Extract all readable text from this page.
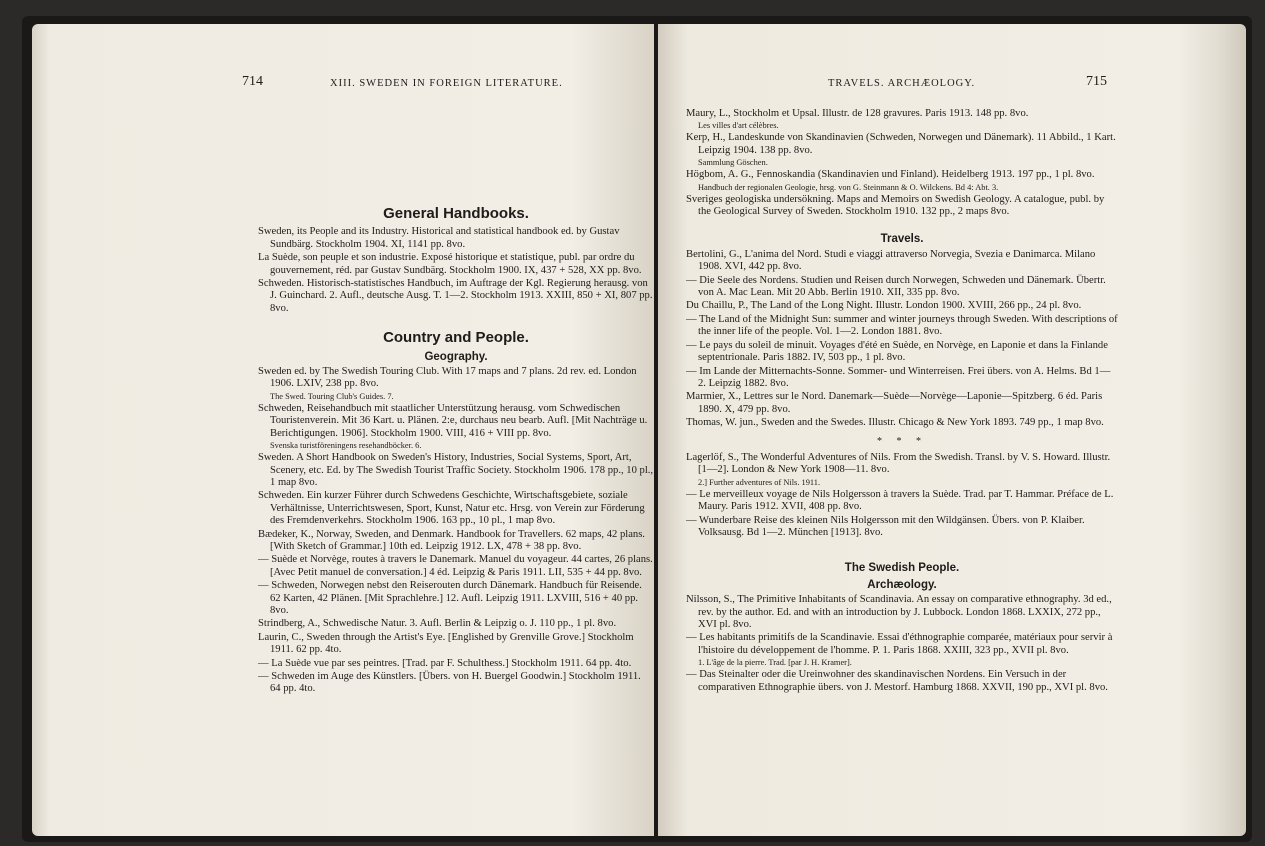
714	XIII. SWEDEN IN FOREIGN LITERATURE.
General Handbooks.
Sweden, its People and its Industry. Historical and statistical handbook ed. by Gustav Sundbärg. Stockholm 1904. XI, 1141 pp. 8vo.
La Suède, son peuple et son industrie. Exposé historique et statistique, publ. par ordre du gouvernement, réd. par Gustav Sundbärg. Stockholm 1900. IX, 437 + 528, XX pp. 8vo.
Schweden. Historisch-statistisches Handbuch, im Auftrage der Kgl. Regierung herausg. von J. Guinchard. 2. Aufl., deutsche Ausg. T. 1—2. Stockholm 1913. XXIII, 850 + XI, 807 pp. 8vo.
Country and People.
Geography.
Sweden ed. by The Swedish Touring Club. With 17 maps and 7 plans. 2d rev. ed. London 1906. LXIV, 238 pp. 8vo.
The Swed. Touring Club's Guides. 7.
Schweden, Reisehandbuch mit staatlicher Unterstützung herausg. vom Schwedischen Touristenverein. Mit 36 Kart. u. Plänen. 2:e, durchaus neu bearb. Aufl. [Mit Nachträge u. Berichtigungen. 1906]. Stockholm 1900. VIII, 416 + VIII pp. 8vo.
Svenska turistföreningens resehandböcker. 6.
Sweden. A Short Handbook on Sweden's History, Industries, Social Systems, Sport, Art, Scenery, etc. Ed. by The Swedish Tourist Traffic Society. Stockholm 1906. 178 pp., 10 pl., 1 map 8vo.
Schweden. Ein kurzer Führer durch Schwedens Geschichte, Wirtschaftsgebiete, soziale Verhältnisse, Unterrichtswesen, Sport, Kunst, Natur etc. Hrsg. von Verein zur Förderung des Fremdenverkehrs. Stockholm 1906. 163 pp., 10 pl., 1 map 8vo.
Bædeker, K., Norway, Sweden, and Denmark. Handbook for Travellers. 62 maps, 42 plans. [With Sketch of Grammar.] 10th ed. Leipzig 1912. LX, 478 + 38 pp. 8vo.
— Suède et Norvège, routes à travers le Danemark. Manuel du voyageur. 44 cartes, 26 plans. [Avec Petit manuel de conversation.] 4 éd. Leipzig & Paris 1911. LII, 535 + 44 pp. 8vo.
— Schweden, Norwegen nebst den Reiserouten durch Dänemark. Handbuch für Reisende. 62 Karten, 42 Plänen. [Mit Sprachlehre.] 12. Aufl. Leipzig 1911. LXVIII, 516 + 40 pp. 8vo.
Strindberg, A., Schwedische Natur. 3. Aufl. Berlin & Leipzig o. J. 110 pp., 1 pl. 8vo.
Laurin, C., Sweden through the Artist's Eye. [Englished by Grenville Grove.] Stockholm 1911. 62 pp. 4to.
— La Suède vue par ses peintres. [Trad. par F. Schulthess.] Stockholm 1911. 64 pp. 4to.
— Schweden im Auge des Künstlers. [Übers. von H. Buergel Goodwin.] Stockholm 1911. 64 pp. 4to.
TRAVELS. ARCHÆOLOGY.	715
Maury, L., Stockholm et Upsal. Illustr. de 128 gravures. Paris 1913. 148 pp. 8vo.
Les villes d'art célèbres.
Kerp, H., Landeskunde von Skandinavien (Schweden, Norwegen und Dänemark). 11 Abbild., 1 Kart. Leipzig 1904. 138 pp. 8vo.
Sammlung Göschen.
Högbom, A. G., Fennoskandia (Skandinavien und Finland). Heidelberg 1913. 197 pp., 1 pl. 8vo.
Handbuch der regionalen Geologie, hrsg. von G. Steinmann & O. Wilckens. Bd 4: Abt. 3.
Sveriges geologiska undersökning. Maps and Memoirs on Swedish Geology. A catalogue, publ. by the Geological Survey of Sweden. Stockholm 1910. 132 pp., 2 maps 8vo.
Travels.
Bertolini, G., L'anima del Nord. Studi e viaggi attraverso Norvegia, Svezia e Danimarca. Milano 1908. XVI, 442 pp. 8vo.
— Die Seele des Nordens. Studien und Reisen durch Norwegen, Schweden und Dänemark. Übertr. von A. Mac Lean. Mit 20 Abb. Berlin 1910. XII, 335 pp. 8vo.
Du Chaillu, P., The Land of the Long Night. Illustr. London 1900. XVIII, 266 pp., 24 pl. 8vo.
— The Land of the Midnight Sun: summer and winter journeys through Sweden. With descriptions of the inner life of the people. Vol. 1—2. London 1881. 8vo.
— Le pays du soleil de minuit. Voyages d'été en Suède, en Norvège, en Laponie et dans la Finlande septentrionale. Paris 1882. IV, 503 pp., 1 pl. 8vo.
— Im Lande der Mitternachts-Sonne. Sommer- und Winterreisen. Frei übers. von A. Helms. Bd 1—2. Leipzig 1882. 8vo.
Marmier, X., Lettres sur le Nord. Danemark—Suède—Norvège—Laponie—Spitzberg. 6 éd. Paris 1890. X, 479 pp. 8vo.
Thomas, W. jun., Sweden and the Swedes. Illustr. Chicago & New York 1893. 749 pp., 1 map 8vo.
* * *
Lagerlöf, S., The Wonderful Adventures of Nils. From the Swedish. Transl. by V. S. Howard. Illustr. [1—2]. London & New York 1908—11. 8vo.
2.] Further adventures of Nils. 1911.
— Le merveilleux voyage de Nils Holgersson à travers la Suède. Trad. par T. Hammar. Préface de L. Maury. Paris 1912. XVII, 408 pp. 8vo.
— Wunderbare Reise des kleinen Nils Holgersson mit den Wildgänsen. Übers. von P. Klaiber. Volksausg. Bd 1—2. München [1913]. 8vo.
The Swedish People.
Archæology.
Nilsson, S., The Primitive Inhabitants of Scandinavia. An essay on comparative ethnography. 3d ed., rev. by the author. Ed. and with an introduction by J. Lubbock. London 1868. LXXIX, 272 pp., XVI pl. 8vo.
— Les habitants primitifs de la Scandinavie. Essai d'éthnographie comparée, matériaux pour servir à l'histoire du développement de l'homme. P. 1. Paris 1868. XXIII, 323 pp., XVII pl. 8vo.
1. L'âge de la pierre. Trad. [par J. H. Kramer].
— Das Steinalter oder die Ureinwohner des skandinavischen Nordens. Ein Versuch in der comparativen Ethnographie übers. von J. Mestorf. Hamburg 1868. XXVII, 190 pp., XVI pl. 8vo.
